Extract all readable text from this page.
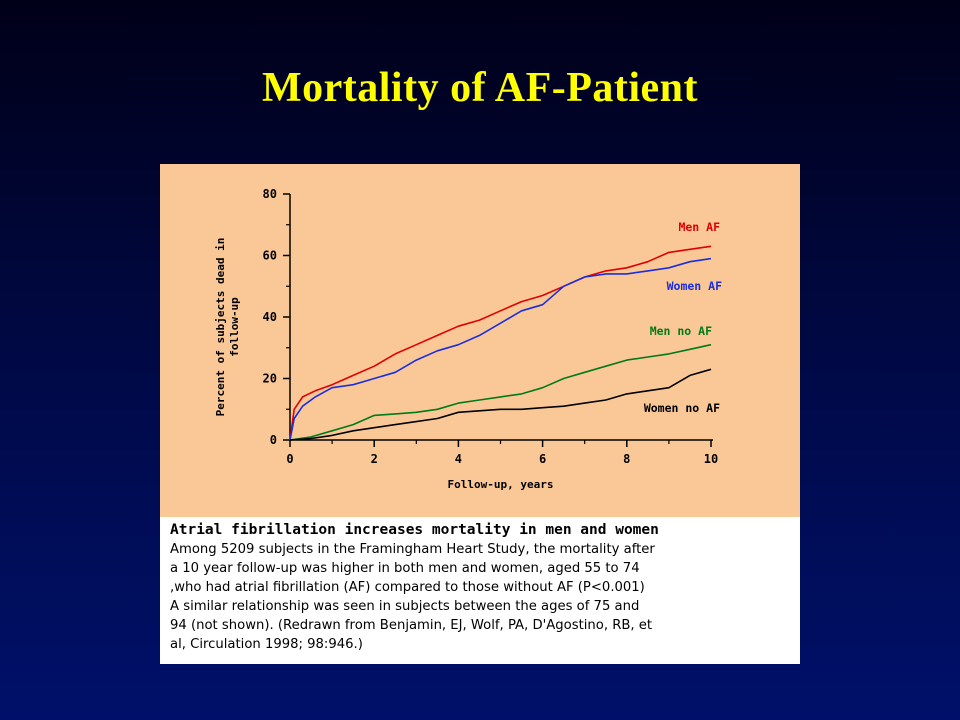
Mortality of AF-Patient
0	2	4	6	8	10
0
20
40
60
80
Follow-up, years
Percent of subjects dead infollow-up
Men AF
Women AF
Men no AF
Women no AF
Atrial fibrillation increases mortality in men and women
Among 5209 subjects in the Framingham Heart Study, the mortality after
a 10 year follow-up was higher in both men and women, aged 55 to 74
,who had atrial fibrillation (AF) compared to those without AF (P<0.001)
A similar relationship was seen in subjects between the ages of 75 and
94 (not shown). (Redrawn from Benjamin, EJ, Wolf, PA, D'Agostino, RB, et
al, Circulation 1998; 98:946.)
